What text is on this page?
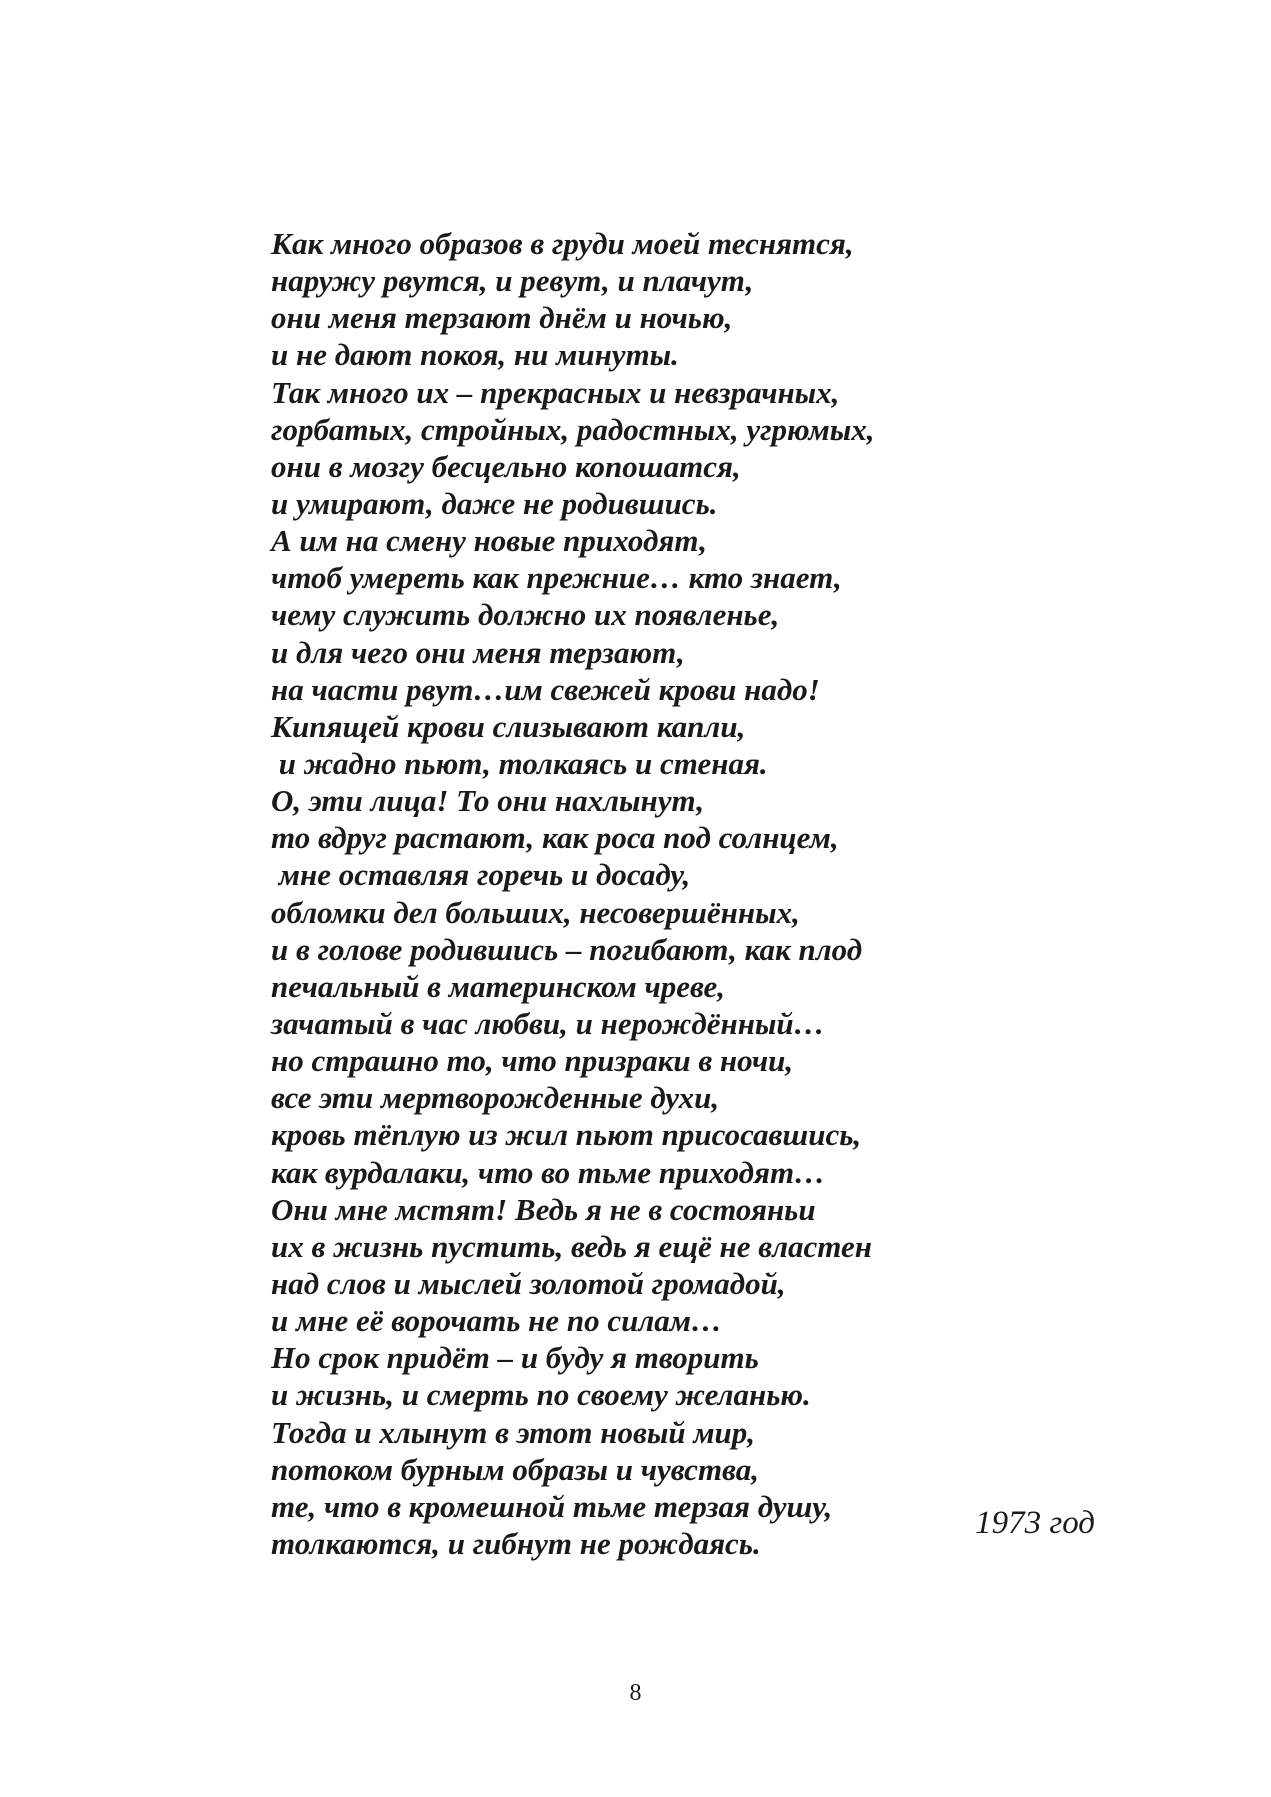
Как много образов в груди моей теснятся,
наружу рвутся, и ревут, и плачут,
они меня терзают днём и ночью,
и не дают покоя, ни минуты.
Так много их – прекрасных и невзрачных,
горбатых, стройных, радостных, угрюмых,
они в мозгу бесцельно копошатся,
и умирают, даже не родившись.
А им на смену новые приходят,
чтоб умереть как прежние… кто знает,
чему служить должно их появленье,
и для чего они меня терзают,
на части рвут…им свежей крови надо!
Кипящей крови слизывают капли,
и жадно пьют, толкаясь и стеная.
О, эти лица! То они нахлынут,
то вдруг растают, как роса под солнцем,
мне оставляя горечь и досаду,
обломки дел больших, несовершённых,
и в голове родившись – погибают, как плод
печальный в материнском чреве,
зачатый в час любви, и нерождённый…
но страшно то, что призраки в ночи,
все эти мертворожденные духи,
кровь тёплую из жил пьют присосавшись,
как вурдалаки, что во тьме приходят…
Они мне мстят! Ведь я не в состояньи
их в жизнь пустить, ведь я ещё не властен
над слов и мыслей золотой громадой,
и мне её ворочать не по силам…
Но срок придёт – и буду я творить
и жизнь, и смерть по своему желанью.
Тогда и хлынут в этот новый мир,
потоком бурным образы и чувства,
те, что в кромешной тьме терзая душу,
толкаются, и гибнут не рождаясь.

1973 год

8
